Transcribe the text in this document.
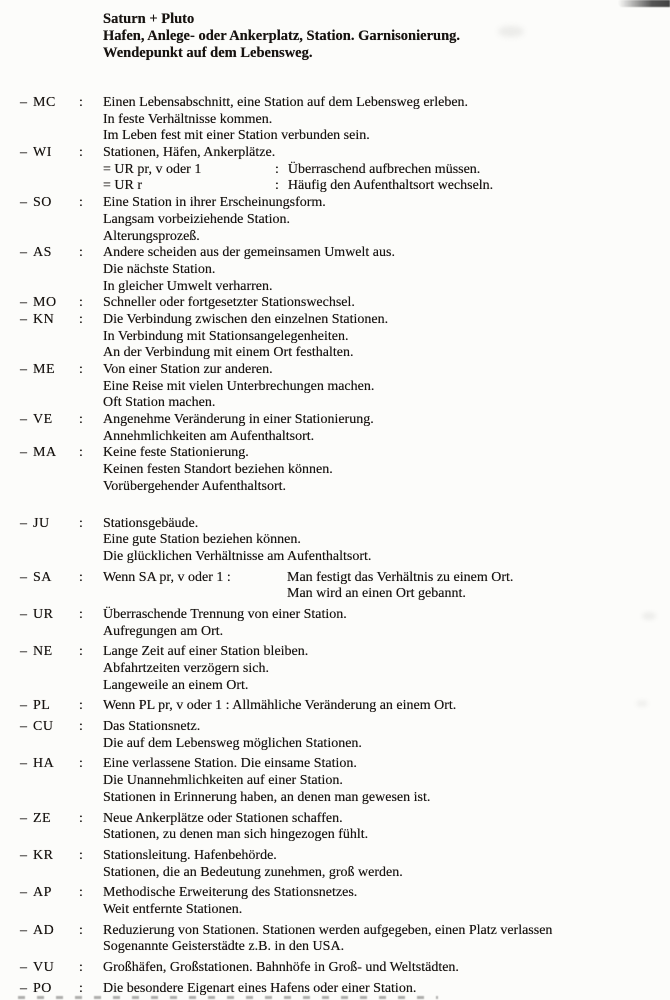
Saturn + Pluto
Hafen, Anlege- oder Ankerplatz, Station. Garnisonierung.
Wendepunkt auf dem Lebensweg.
– MC : Einen Lebensabschnitt, eine Station auf dem Lebensweg erleben.
In feste Verhältnisse kommen.
Im Leben fest mit einer Station verbunden sein.
– WI : Stationen, Häfen, Ankerplätze.
= UR pr, v oder 1	: Überraschend aufbrechen müssen.
= UR r	: Häufig den Aufenthaltsort wechseln.
– SO : Eine Station in ihrer Erscheinungsform.
Langsam vorbeiziehende Station.
Alterungsprozeß.
– AS : Andere scheiden aus der gemeinsamen Umwelt aus.
Die nächste Station.
In gleicher Umwelt verharren.
– MO : Schneller oder fortgesetzter Stationswechsel.
– KN : Die Verbindung zwischen den einzelnen Stationen.
In Verbindung mit Stationsangelegenheiten.
An der Verbindung mit einem Ort festhalten.
– ME : Von einer Station zur anderen.
Eine Reise mit vielen Unterbrechungen machen.
Oft Station machen.
– VE : Angenehme Veränderung in einer Stationierung.
Annehmlichkeiten am Aufenthaltsort.
– MA : Keine feste Stationierung.
Keinen festen Standort beziehen können.
Vorübergehender Aufenthaltsort.
– JU : Stationsgebäude.
Eine gute Station beziehen können.
Die glücklichen Verhältnisse am Aufenthaltsort.
– SA : Wenn SA pr, v oder 1 :	Man festigt das Verhältnis zu einem Ort.
Man wird an einen Ort gebannt.
– UR : Überraschende Trennung von einer Station.
Aufregungen am Ort.
– NE : Lange Zeit auf einer Station bleiben.
Abfahrtzeiten verzögern sich.
Langeweile an einem Ort.
– PL : Wenn PL pr, v oder 1 : Allmähliche Veränderung an einem Ort.
– CU : Das Stationsnetz.
Die auf dem Lebensweg möglichen Stationen.
– HA : Eine verlassene Station. Die einsame Station.
Die Unannehmlichkeiten auf einer Station.
Stationen in Erinnerung haben, an denen man gewesen ist.
– ZE : Neue Ankerplätze oder Stationen schaffen.
Stationen, zu denen man sich hingezogen fühlt.
– KR : Stationsleitung. Hafenbehörde.
Stationen, die an Bedeutung zunehmen, groß werden.
– AP : Methodische Erweiterung des Stationsnetzes.
Weit entfernte Stationen.
– AD : Reduzierung von Stationen. Stationen werden aufgegeben, einen Platz verlassen
Sogenannte Geisterstädte z.B. in den USA.
– VU : Großhäfen, Großstationen. Bahnhöfe in Groß- und Weltstädten.
– PO : Die besondere Eigenart eines Hafens oder einer Station.
